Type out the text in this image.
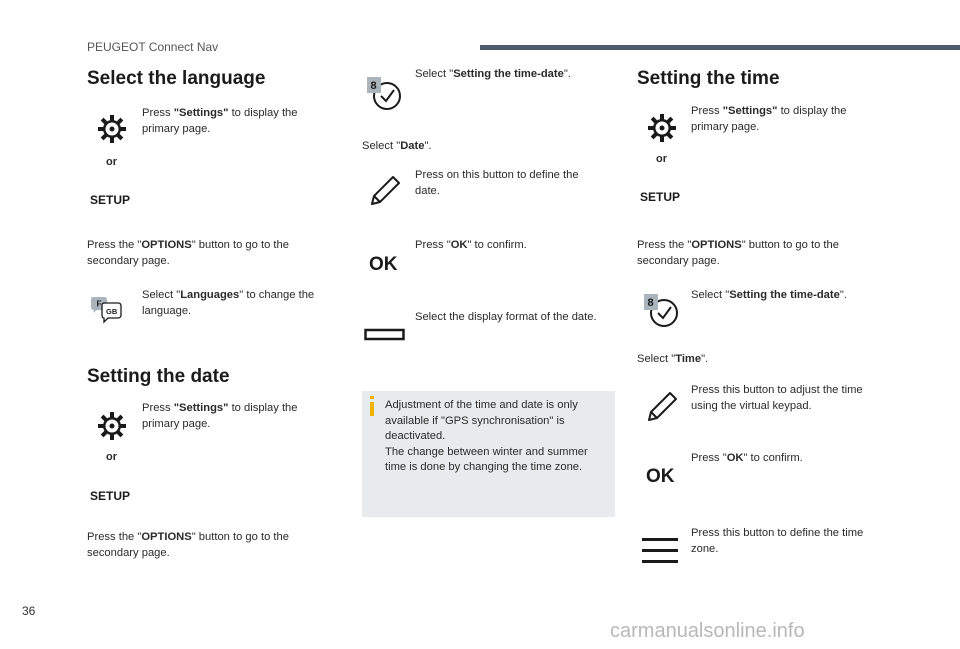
PEUGEOT Connect Nav
Select the language
Press "Settings" to display the primary page.
or
SETUP
Press the "OPTIONS" button to go to the secondary page.
F
GB
Select "Languages" to change the language.
Setting the date
Press "Settings" to display the primary page.
or
SETUP
Press the "OPTIONS" button to go to the secondary page.
8
Select "Setting the time-date".
Select "Date".
Press on this button to define the date.
OK
Press "OK" to confirm.
Select the display format of the date.
Adjustment of the time and date is only
available if "GPS synchronisation" is
deactivated.
The change between winter and summer
time is done by changing the time zone.
Setting the time
Press "Settings" to display the primary page.
or
SETUP
Press the "OPTIONS" button to go to the secondary page.
8
Select "Setting the time-date".
Select "Time".
Press this button to adjust the time using the virtual keypad.
OK
Press "OK" to confirm.
Press this button to define the time zone.
36
carmanualsonline.info
